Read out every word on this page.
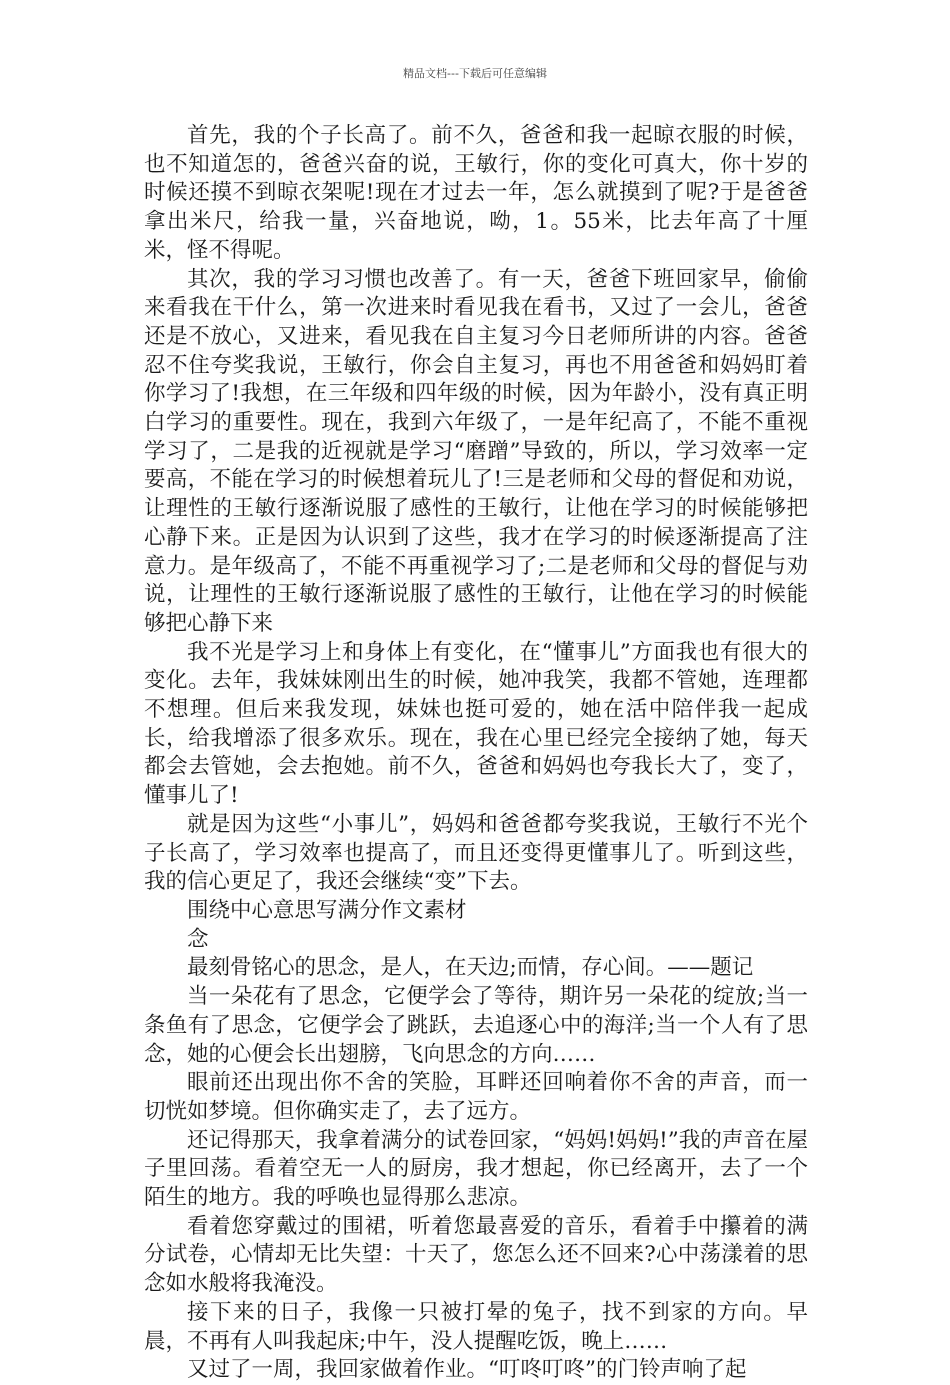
精品文档---下载后可任意编辑

首先，我的个子长高了。前不久，爸爸和我一起晾衣服的时候，也不知道怎的，爸爸兴奋的说，王敏行，你的变化可真大，你十岁的时候还摸不到晾衣架呢!现在才过去一年，怎么就摸到了呢?于是爸爸拿出米尺，给我一量，兴奋地说，呦，1。55米，比去年高了十厘米，怪不得呢。

其次，我的学习习惯也改善了。有一天，爸爸下班回家早，偷偷来看我在干什么，第一次进来时看见我在看书，又过了一会儿，爸爸还是不放心，又进来，看见我在自主复习今日老师所讲的内容。爸爸忍不住夸奖我说，王敏行，你会自主复习，再也不用爸爸和妈妈盯着你学习了!我想，在三年级和四年级的时候，因为年龄小，没有真正明白学习的重要性。现在，我到六年级了，一是年纪高了，不能不重视学习了，二是我的近视就是学习“磨蹭”导致的，所以，学习效率一定要高，不能在学习的时候想着玩儿了!三是老师和父母的督促和劝说，让理性的王敏行逐渐说服了感性的王敏行，让他在学习的时候能够把心静下来。正是因为认识到了这些，我才在学习的时候逐渐提高了注意力。是年级高了，不能不再重视学习了;二是老师和父母的督促与劝说，让理性的王敏行逐渐说服了感性的王敏行，让他在学习的时候能够把心静下来

我不光是学习上和身体上有变化，在“懂事儿”方面我也有很大的变化。去年，我妹妹刚出生的时候，她冲我笑，我都不管她，连理都不想理。但后来我发现，妹妹也挺可爱的，她在活中陪伴我一起成长，给我增添了很多欢乐。现在，我在心里已经完全接纳了她，每天都会去管她，会去抱她。前不久，爸爸和妈妈也夸我长大了，变了，懂事儿了!

就是因为这些“小事儿”，妈妈和爸爸都夸奖我说，王敏行不光个子长高了，学习效率也提高了，而且还变得更懂事儿了。听到这些，我的信心更足了，我还会继续“变”下去。

围绕中心意思写满分作文素材

念

最刻骨铭心的思念，是人，在天边;而情，存心间。——题记

当一朵花有了思念，它便学会了等待，期许另一朵花的绽放;当一条鱼有了思念，它便学会了跳跃，去追逐心中的海洋;当一个人有了思念，她的心便会长出翅膀，飞向思念的方向……

眼前还出现出你不舍的笑脸，耳畔还回响着你不舍的声音，而一切恍如梦境。但你确实走了，去了远方。

还记得那天，我拿着满分的试卷回家，“妈妈!妈妈!”我的声音在屋子里回荡。看着空无一人的厨房，我才想起，你已经离开，去了一个陌生的地方。我的呼唤也显得那么悲凉。

看着您穿戴过的围裙，听着您最喜爱的音乐，看着手中攥着的满分试卷，心情却无比失望：十天了，您怎么还不回来?心中荡漾着的思念如水般将我淹没。

接下来的日子，我像一只被打晕的兔子，找不到家的方向。早晨，不再有人叫我起床;中午，没人提醒吃饭，晚上……

又过了一周，我回家做着作业。“叮咚叮咚”的门铃声响了起
